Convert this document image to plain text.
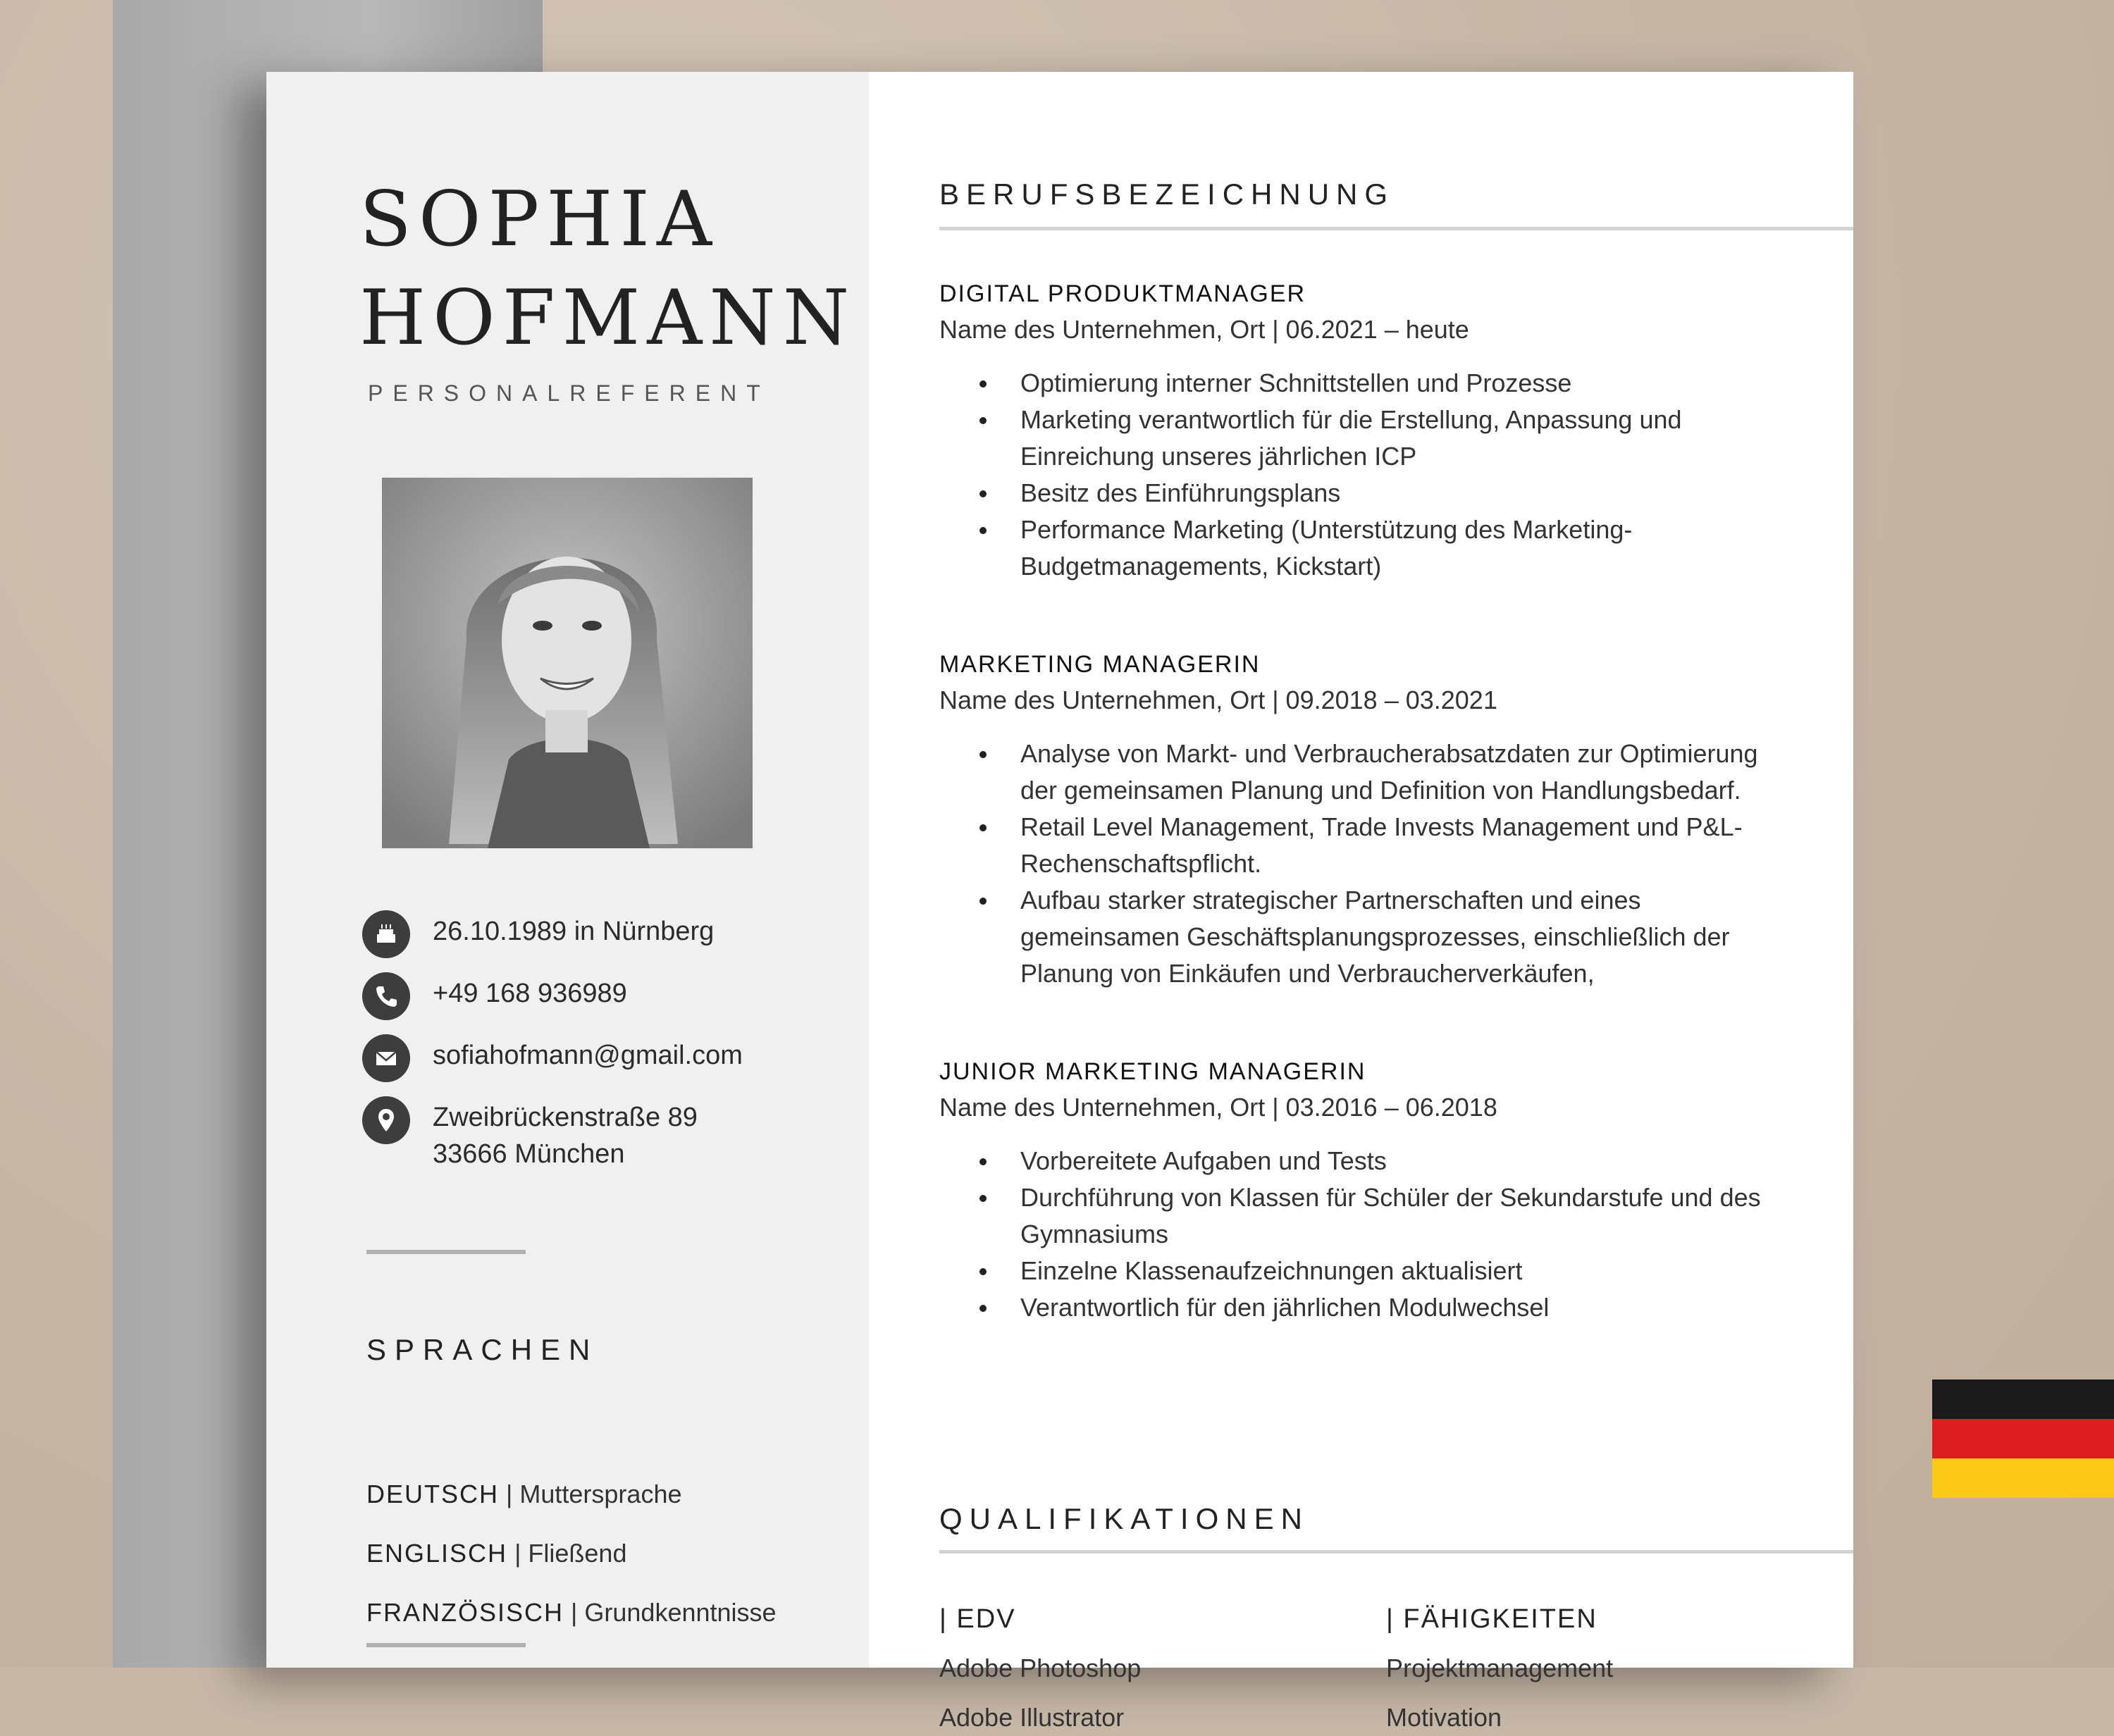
SOPHIA
HOFMANN
PERSONALREFERENT
26.10.1989 in Nürnberg
+49 168 936989
sofiahofmann@gmail.com
Zweibrückenstraße 89
33666 München
SPRACHEN
DEUTSCH | Muttersprache
ENGLISCH | Fließend
FRANZÖSISCH | Grundkenntnisse
BERUFSBEZEICHNUNG
DIGITAL PRODUKTMANAGER
Name des Unternehmen, Ort | 06.2021 – heute
Optimierung interner Schnittstellen und Prozesse
Marketing verantwortlich für die Erstellung, Anpassung und Einreichung unseres jährlichen ICP
Besitz des Einführungsplans
Performance Marketing (Unterstützung des Marketing-Budgetmanagements, Kickstart)
MARKETING MANAGERIN
Name des Unternehmen, Ort | 09.2018 – 03.2021
Analyse von Markt- und Verbraucherabsatzdaten zur Optimierung der gemeinsamen Planung und Definition von Handlungsbedarf.
Retail Level Management, Trade Invests Management und P&L-Rechenschaftspflicht.
Aufbau starker strategischer Partnerschaften und eines gemeinsamen Geschäftsplanungsprozesses, einschließlich der Planung von Einkäufen und Verbraucherverkäufen,
JUNIOR MARKETING MANAGERIN
Name des Unternehmen, Ort | 03.2016 – 06.2018
Vorbereitete Aufgaben und Tests
Durchführung von Klassen für Schüler der Sekundarstufe und des Gymnasiums
Einzelne Klassenaufzeichnungen aktualisiert
Verantwortlich für den jährlichen Modulwechsel
QUALIFIKATIONEN
| EDV
Adobe Photoshop
Adobe Illustrator
| FÄHIGKEITEN
Projektmanagement
Motivation
